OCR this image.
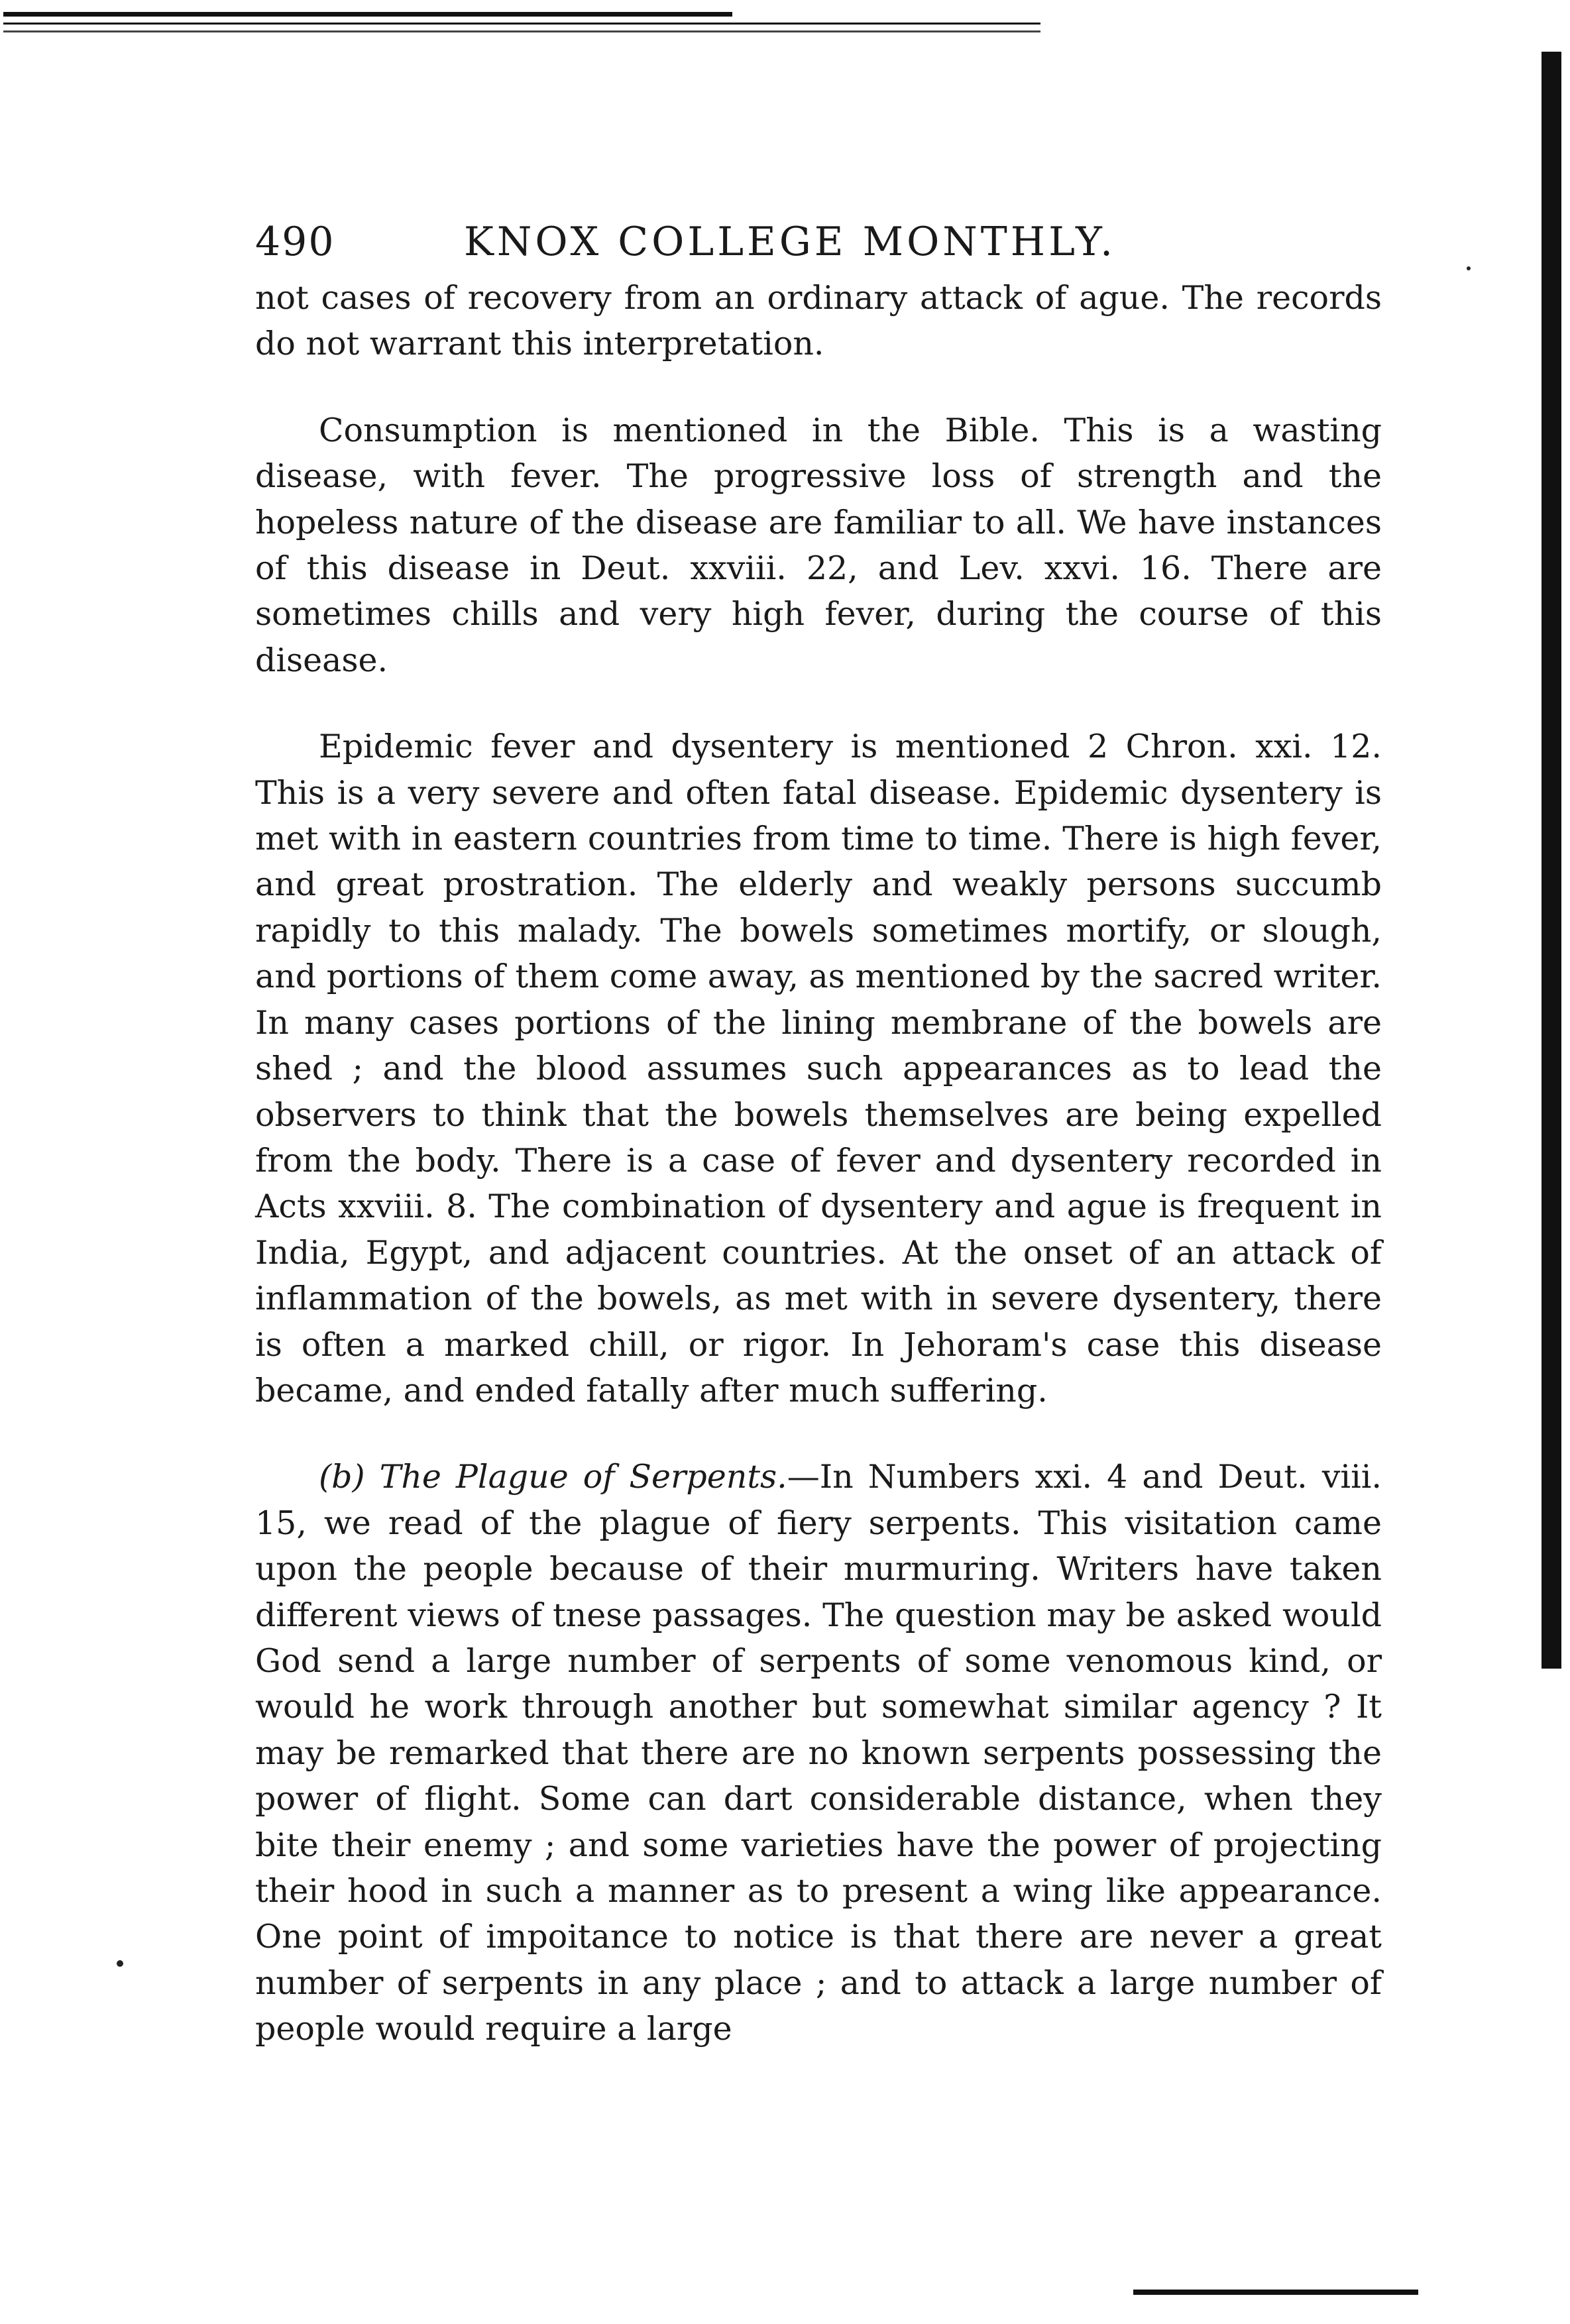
490	KNOX COLLEGE MONTHLY.

not cases of recovery from an ordinary attack of ague. The records do not warrant this interpretation.

Consumption is mentioned in the Bible. This is a wasting disease, with fever. The progressive loss of strength and the hopeless nature of the disease are familiar to all. We have instances of this disease in Deut. xxviii. 22, and Lev. xxvi. 16. There are sometimes chills and very high fever, during the course of this disease.

Epidemic fever and dysentery is mentioned 2 Chron. xxi. 12. This is a very severe and often fatal disease. Epidemic dysentery is met with in eastern countries from time to time. There is high fever, and great prostration. The elderly and weakly persons succumb rapidly to this malady. The bowels sometimes mortify, or slough, and portions of them come away, as mentioned by the sacred writer. In many cases portions of the lining membrane of the bowels are shed ; and the blood assumes such appearances as to lead the observers to think that the bowels themselves are being expelled from the body. There is a case of fever and dysentery recorded in Acts xxviii. 8. The combination of dysentery and ague is frequent in India, Egypt, and adjacent countries. At the onset of an attack of inflammation of the bowels, as met with in severe dysentery, there is often a marked chill, or rigor. In Jehoram's case this disease became, and ended fatally after much suffering.

(b) The Plague of Serpents.—In Numbers xxi. 4 and Deut. viii. 15, we read of the plague of fiery serpents. This visitation came upon the people because of their murmuring. Writers have taken different views of tnese passages. The question may be asked would God send a large number of serpents of some venomous kind, or would he work through another but somewhat similar agency ? It may be remarked that there are no known serpents possessing the power of flight. Some can dart considerable distance, when they bite their enemy ; and some varieties have the power of projecting their hood in such a manner as to present a wing like appearance. One point of impoitance to notice is that there are never a great number of serpents in any place ; and to attack a large number of people would require a large
